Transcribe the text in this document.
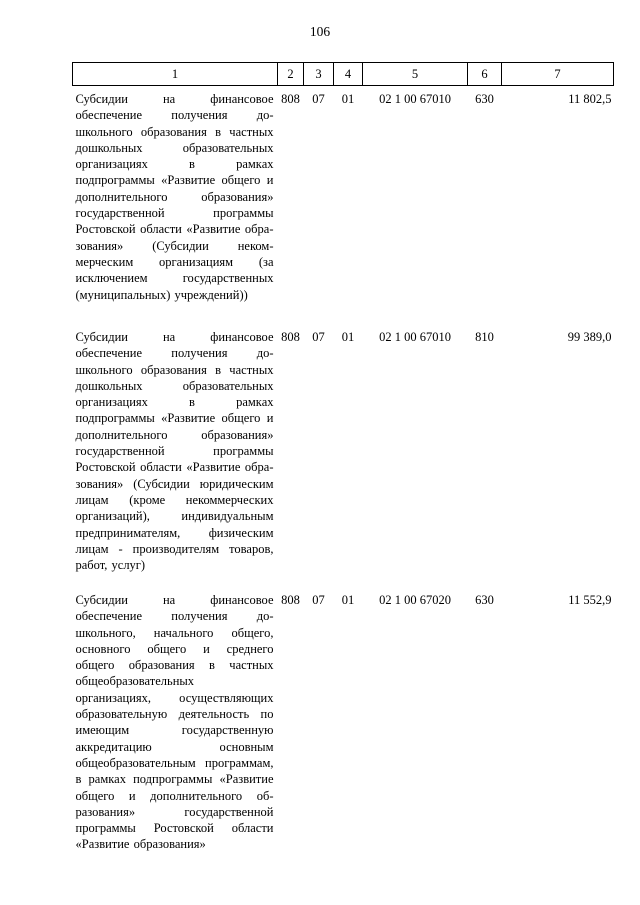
106
1	2	3	4	5	6	7
Субсидии на финансовое обеспечение получения дошкольного образования в частных дошкольных образовательных организациях в рамках подпрограммы «Развитие общего и дополнительного образования» государственной программы Ростовской области «Развитие образования» (Субсидии некоммерческим организациям (за исключением государственных (муниципальных) учреждений))	808	07	01	02 1 00 67010	630	11 802,5
Субсидии на финансовое обеспечение получения дошкольного образования в частных дошкольных образовательных организациях в рамках подпрограммы «Развитие общего и дополнительного образования» государственной программы Ростовской области «Развитие образования» (Субсидии юридическим лицам (кроме некоммерческих организаций), индивидуальным предпринимателям, физическим лицам - производителям товаров, работ, услуг)	808	07	01	02 1 00 67010	810	99 389,0
Субсидии на финансовое обеспечение получения дошкольного, начального общего, основного общего и среднего общего образования в частных общеобразовательных организациях, осуществляющих образовательную деятельность по имеющим государственную аккредитацию основным общеобразовательным программам, в рамках подпрограммы «Развитие общего и дополнительного образования» государственной программы Ростовской области «Развитие образования»	808	07	01	02 1 00 67020	630	11 552,9
